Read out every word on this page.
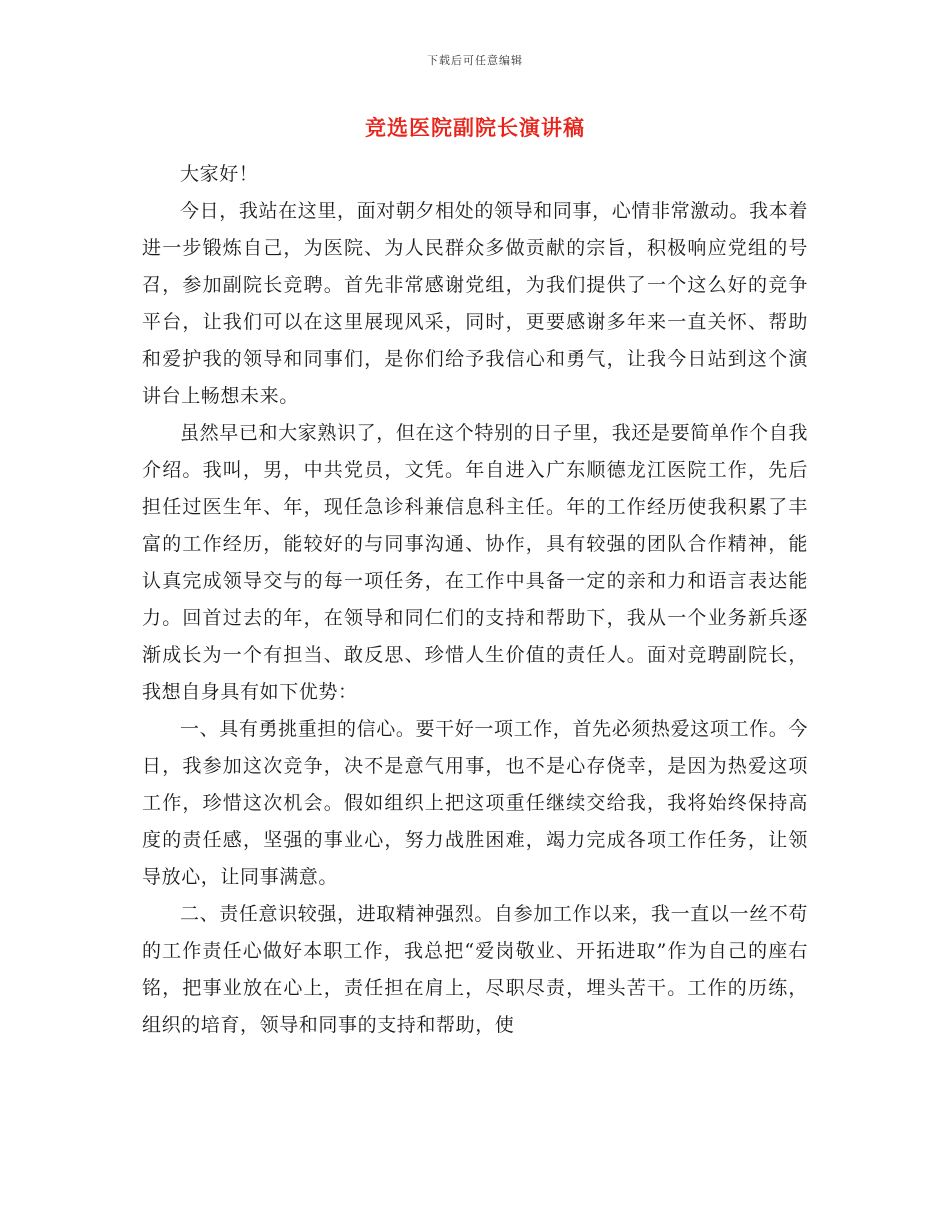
下载后可任意编辑
竞选医院副院长演讲稿

大家好！

今日，我站在这里，面对朝夕相处的领导和同事，心情非常激动。我本着进一步锻炼自己，为医院、为人民群众多做贡献的宗旨，积极响应党组的号召，参加副院长竞聘。首先非常感谢党组，为我们提供了一个这么好的竞争平台，让我们可以在这里展现风采，同时，更要感谢多年来一直关怀、帮助和爱护我的领导和同事们，是你们给予我信心和勇气，让我今日站到这个演讲台上畅想未来。

虽然早已和大家熟识了，但在这个特别的日子里，我还是要简单作个自我介绍。我叫，男，中共党员，文凭。年自进入广东顺德龙江医院工作，先后担任过医生年、年，现任急诊科兼信息科主任。年的工作经历使我积累了丰富的工作经历，能较好的与同事沟通、协作，具有较强的团队合作精神，能认真完成领导交与的每一项任务，在工作中具备一定的亲和力和语言表达能力。回首过去的年，在领导和同仁们的支持和帮助下，我从一个业务新兵逐渐成长为一个有担当、敢反思、珍惜人生价值的责任人。面对竞聘副院长，我想自身具有如下优势：

一、具有勇挑重担的信心。要干好一项工作，首先必须热爱这项工作。今日，我参加这次竞争，决不是意气用事，也不是心存侥幸，是因为热爱这项工作，珍惜这次机会。假如组织上把这项重任继续交给我，我将始终保持高度的责任感，坚强的事业心，努力战胜困难，竭力完成各项工作任务，让领导放心，让同事满意。

二、责任意识较强，进取精神强烈。自参加工作以来，我一直以一丝不苟的工作责任心做好本职工作，我总把“爱岗敬业、开拓进取”作为自己的座右铭，把事业放在心上，责任担在肩上，尽职尽责，埋头苦干。工作的历练，组织的培育，领导和同事的支持和帮助，使
